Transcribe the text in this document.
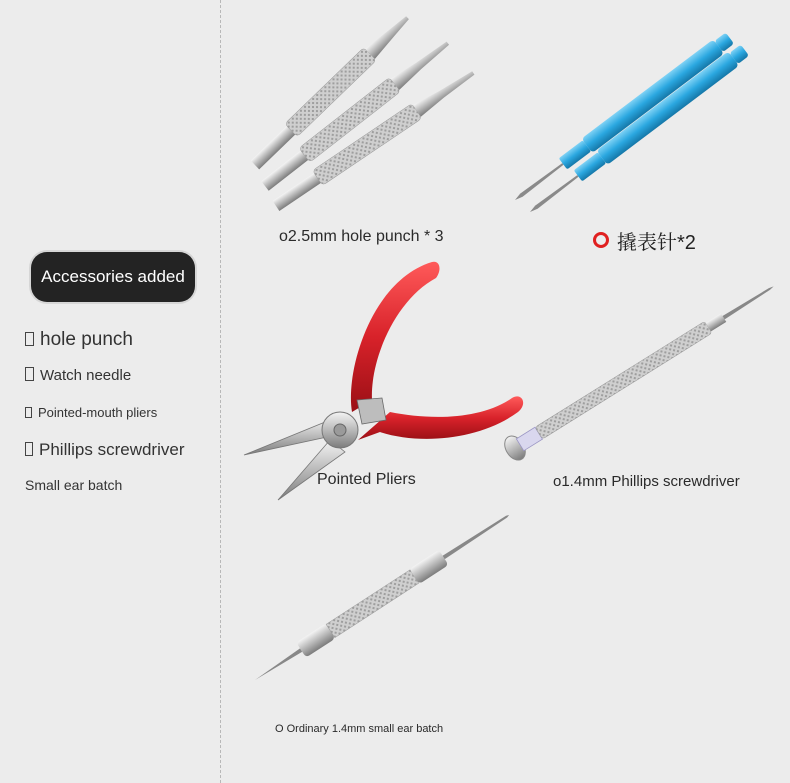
Accessories added
hole punch
Watch needle
Pointed-mouth pliers
Phillips screwdriver
Small ear batch
o2.5mm hole punch * 3	撬表针*2
Pointed Pliers	o1.4mm Phillips screwdriver
O Ordinary 1.4mm small ear batch
